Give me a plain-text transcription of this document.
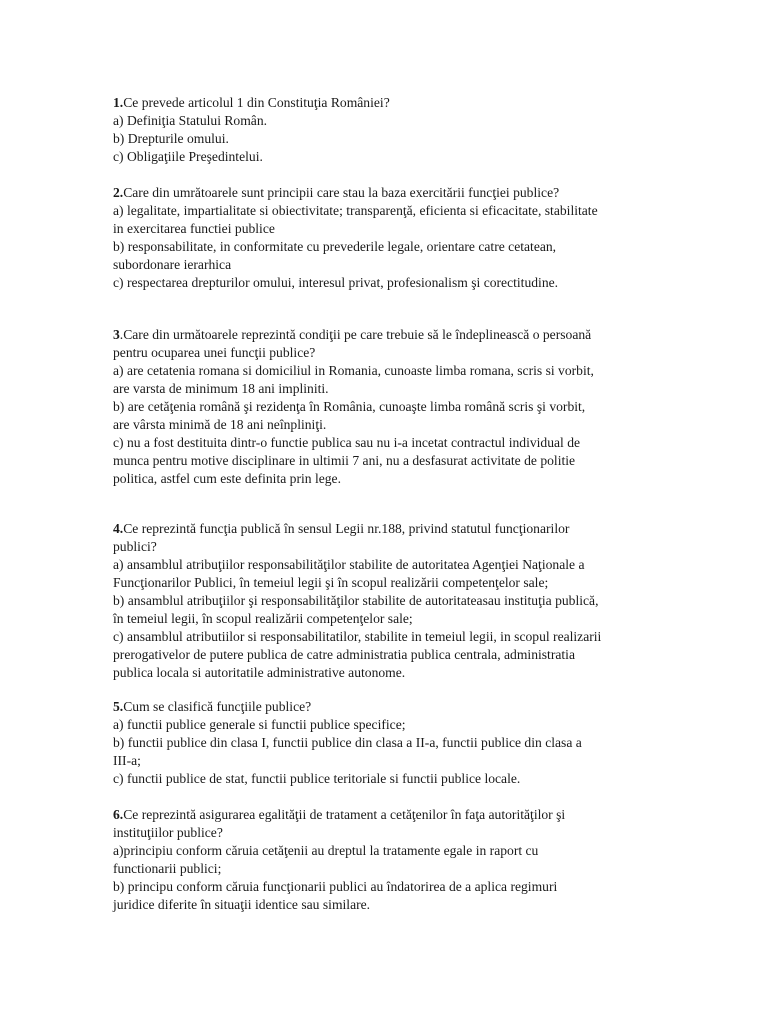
1.Ce prevede articolul 1 din Constituţia României?
a) Definiţia Statului Român.
b) Drepturile omului.
c) Obligaţiile Preşedintelui.
2.Care din umrătoarele sunt principii care stau la baza exercitării funcţiei publice?
a) legalitate, impartialitate si obiectivitate; transparenţă, eficienta si eficacitate, stabilitate
in exercitarea functiei publice
b) responsabilitate, in conformitate cu prevederile legale, orientare catre cetatean,
subordonare ierarhica
c) respectarea drepturilor omului, interesul privat, profesionalism şi corectitudine.
3.Care din următoarele reprezintă condiţii pe care trebuie să le îndeplinească o persoană
pentru ocuparea unei funcţii publice?
a) are cetatenia romana si domiciliul in Romania, cunoaste limba romana, scris si vorbit,
are varsta de minimum 18 ani impliniti.
b) are cetăţenia română şi rezidenţa în România, cunoaşte limba română scris şi vorbit,
are vârsta minimă de 18 ani neînpliniţi.
c) nu a fost destituita dintr-o functie publica sau nu i-a incetat contractul individual de
munca pentru motive disciplinare in ultimii 7 ani, nu a desfasurat activitate de politie
politica, astfel cum este definita prin lege.
4.Ce reprezintă funcţia publică în sensul Legii nr.188, privind statutul funcţionarilor
publici?
a) ansamblul atribuţiilor responsabilităţilor stabilite de autoritatea Agenţiei Naţionale a
Funcţionarilor Publici, în temeiul legii şi în scopul realizării competenţelor sale;
b) ansamblul atribuţiilor şi responsabilităţilor stabilite de autoritateasau instituţia publică,
în temeiul legii, în scopul realizării competenţelor sale;
c) ansamblul atributiilor si responsabilitatilor, stabilite in temeiul legii, in scopul realizarii
prerogativelor de putere publica de catre administratia publica centrala, administratia
publica locala si autoritatile administrative autonome.
5.Cum se clasifică funcţiile publice?
a) functii publice generale si functii publice specifice;
b) functii publice din clasa I, functii publice din clasa a II-a, functii publice din clasa a
III-a;
c) functii publice de stat, functii publice teritoriale si functii publice locale.
6.Ce reprezintă asigurarea egalităţii de tratament a cetăţenilor în faţa autorităţilor şi
instituţiilor publice?
a)principiu conform căruia cetăţenii au dreptul la tratamente egale in raport cu
functionarii publici;
b) principu conform căruia funcţionarii publici au îndatorirea de a aplica regimuri
juridice diferite în situaţii identice sau similare.
